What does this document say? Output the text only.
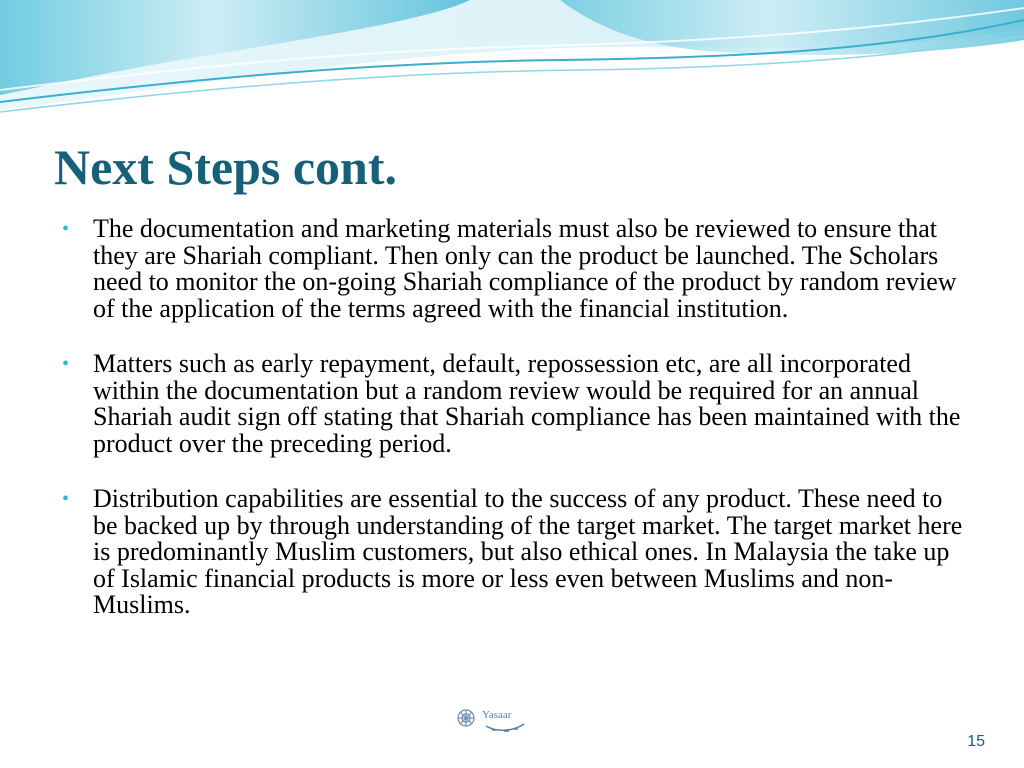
Next Steps cont.
• The documentation and marketing materials must also be reviewed to ensure that they are Shariah compliant. Then only can the product be launched. The Scholars need to monitor the on-going Shariah compliance of the product by random review of the application of the terms agreed with the financial institution.
• Matters such as early repayment, default, repossession etc, are all incorporated within the documentation but a random review would be required for an annual Shariah audit sign off stating that Shariah compliance has been maintained with the product over the preceding period.
• Distribution capabilities are essential to the success of any product. These need to be backed up by through understanding of the target market. The target market here is predominantly Muslim customers, but also ethical ones. In Malaysia the take up of Islamic financial products is more or less even between Muslims and non- Muslims.
Yasaar
15
